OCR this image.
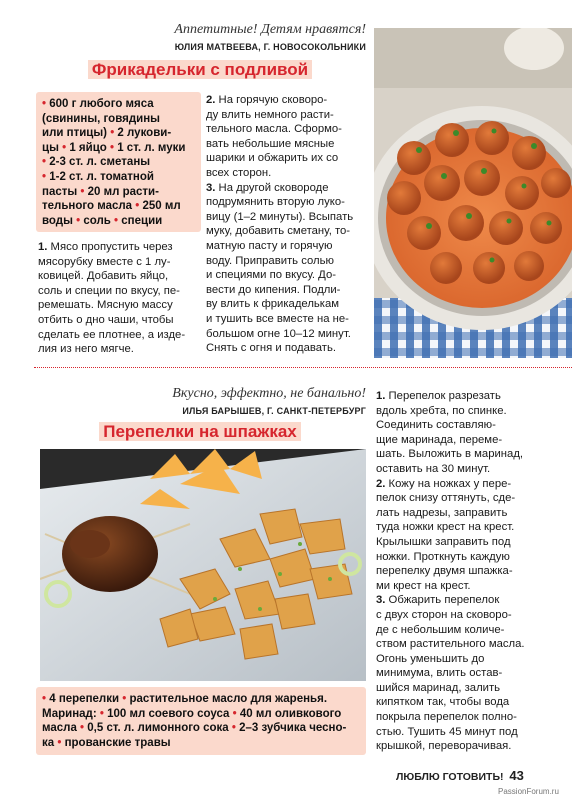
Аппетитные! Детям нравятся!
ЮЛИЯ МАТВЕЕВА, Г. НОВОСОКОЛЬНИКИ
Фрикадельки с подливой
• 600 г любого мяса
(свинины, говядины
или птицы) • 2 лукови-
цы • 1 яйцо • 1 ст. л. муки
• 2-3 ст. л. сметаны
• 1-2 ст. л. томатной
пасты • 20 мл расти-
тельного масла • 250 мл
воды • соль • специи

1. Мясо пропустить через

мясорубку вместе с 1 лу-

ковицей. Добавить яйцо,

соль и специи по вкусу, пе-

ремешать. Мясную массу

отбить о дно чаши, чтобы

сделать ее плотнее, а изде-

лия из него мягче.

2. На горячую сковоро-

ду влить немного расти-

тельного масла. Сформо-

вать небольшие мясные

шарики и обжарить их со

всех сторон.

3. На другой сковороде

подрумянить вторую луко-

вицу (1–2 минуты). Всыпать

муку, добавить сметану, то-

матную пасту и горячую

воду. Приправить солью

и специями по вкусу. До-

вести до кипения. Подли-

ву влить к фрикаделькам

и тушить все вместе на не-

большом огне 10–12 минут.

Снять с огня и подавать.

Вкусно, эффектно, не банально!
ИЛЬЯ БАРЫШЕВ, Г. САНКТ-ПЕТЕРБУРГ
Перепелки на шпажках
• 4 перепелки • растительное масло для жаренья.
Маринад: • 100 мл соевого соуса • 40 мл оливкового
масла • 0,5 ст. л. лимонного сока • 2–3 зубчика чесно-
ка • прованские травы

1. Перепелок разрезать

вдоль хребта, по спинке.

Соединить составляю-

щие маринада, переме-

шать. Выложить в маринад,

оставить на 30 минут.

2. Кожу на ножках у пере-

пелок снизу оттянуть, сде-

лать надрезы, заправить

туда ножки крест на крест.

Крылышки заправить под

ножки. Проткнуть каждую

перепелку двумя шпажка-

ми крест на крест.

3. Обжарить перепелок

с двух сторон на сковоро-

де с небольшим количе-

ством растительного масла.

Огонь уменьшить до

минимума, влить остав-

шийся маринад, залить

кипятком так, чтобы вода

покрыла перепелок полно-

стью. Тушить 45 минут под

крышкой, переворачивая.

ЛЮБЛЮ ГОТОВИТЬ! 43
PassionForum.ru
